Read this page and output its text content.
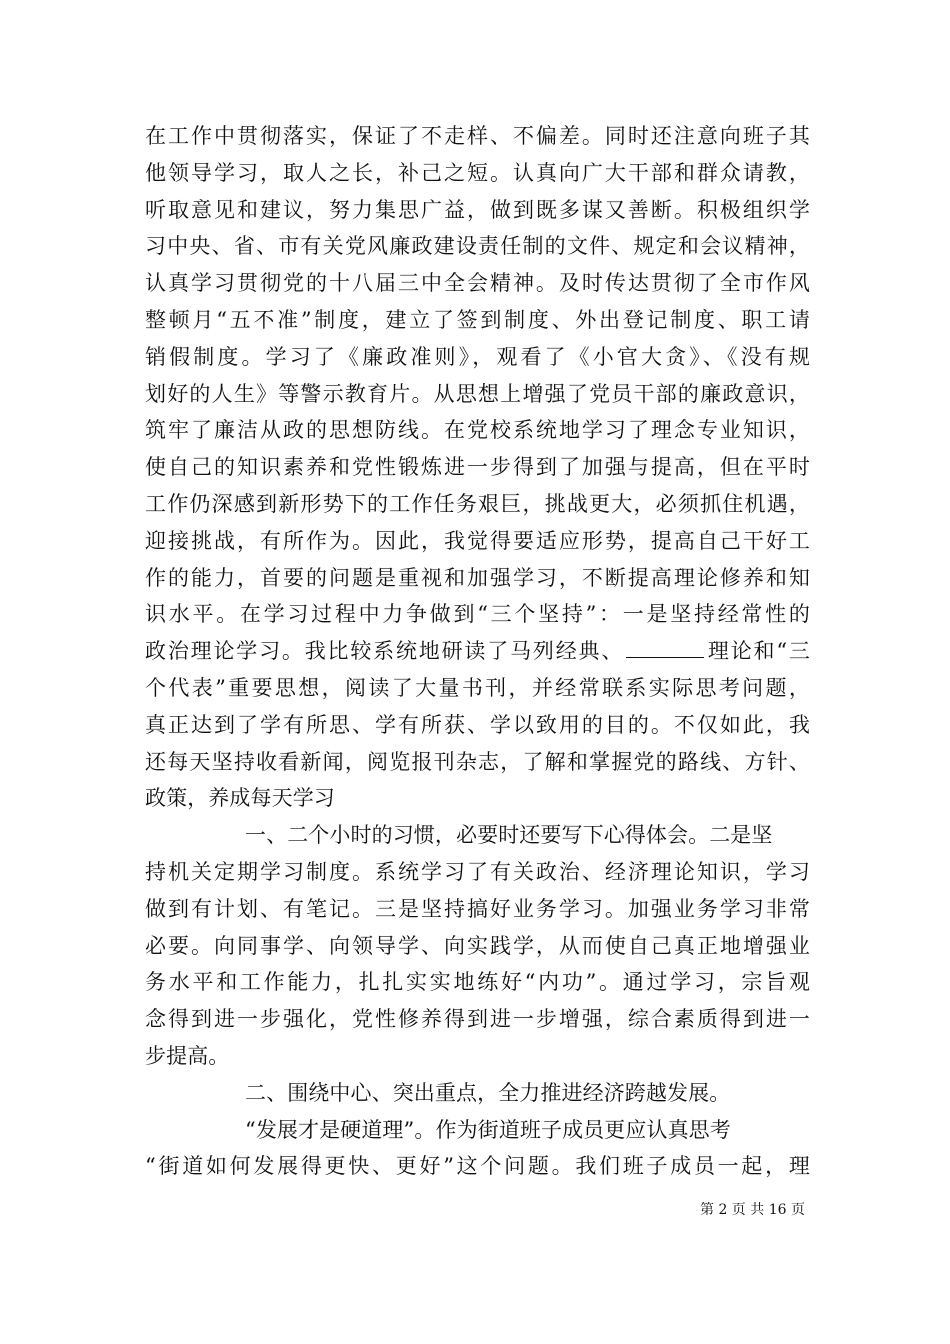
在工作中贯彻落实，保证了不走样、不偏差。同时还注意向班子其
他领导学习，取人之长，补己之短。认真向广大干部和群众请教，
听取意见和建议，努力集思广益，做到既多谋又善断。积极组织学
习中央、省、市有关党风廉政建设责任制的文件、规定和会议精神，
认真学习贯彻党的十八届三中全会精神。及时传达贯彻了全市作风
整顿月“五不准”制度，建立了签到制度、外出登记制度、职工请
销假制度。学习了《廉政准则》，观看了《小官大贪》、《没有规
划好的人生》等警示教育片。从思想上增强了党员干部的廉政意识，
筑牢了廉洁从政的思想防线。在党校系统地学习了理念专业知识，
使自己的知识素养和党性锻炼进一步得到了加强与提高，但在平时
工作仍深感到新形势下的工作任务艰巨，挑战更大，必须抓住机遇，
迎接挑战，有所作为。因此，我觉得要适应形势，提高自己干好工
作的能力，首要的问题是重视和加强学习，不断提高理论修养和知
识水平。在学习过程中力争做到“三个坚持”：一是坚持经常性的
政治理论学习。我比较系统地研读了马列经典、	理论和“三
个代表”重要思想，阅读了大量书刊，并经常联系实际思考问题，
真正达到了学有所思、学有所获、学以致用的目的。不仅如此，我
还每天坚持收看新闻，阅览报刊杂志，了解和掌握党的路线、方针、
政策，养成每天学习
一、二个小时的习惯，必要时还要写下心得体会。二是坚
持机关定期学习制度。系统学习了有关政治、经济理论知识，学习
做到有计划、有笔记。三是坚持搞好业务学习。加强业务学习非常
必要。向同事学、向领导学、向实践学，从而使自己真正地增强业
务水平和工作能力，扎扎实实地练好“内功”。通过学习，宗旨观
念得到进一步强化，党性修养得到进一步增强，综合素质得到进一
步提高。
二、围绕中心、突出重点，全力推进经济跨越发展。
“发展才是硬道理”。作为街道班子成员更应认真思考
“街道如何发展得更快、更好”这个问题。我们班子成员一起，理
第 2 页 共 16 页
